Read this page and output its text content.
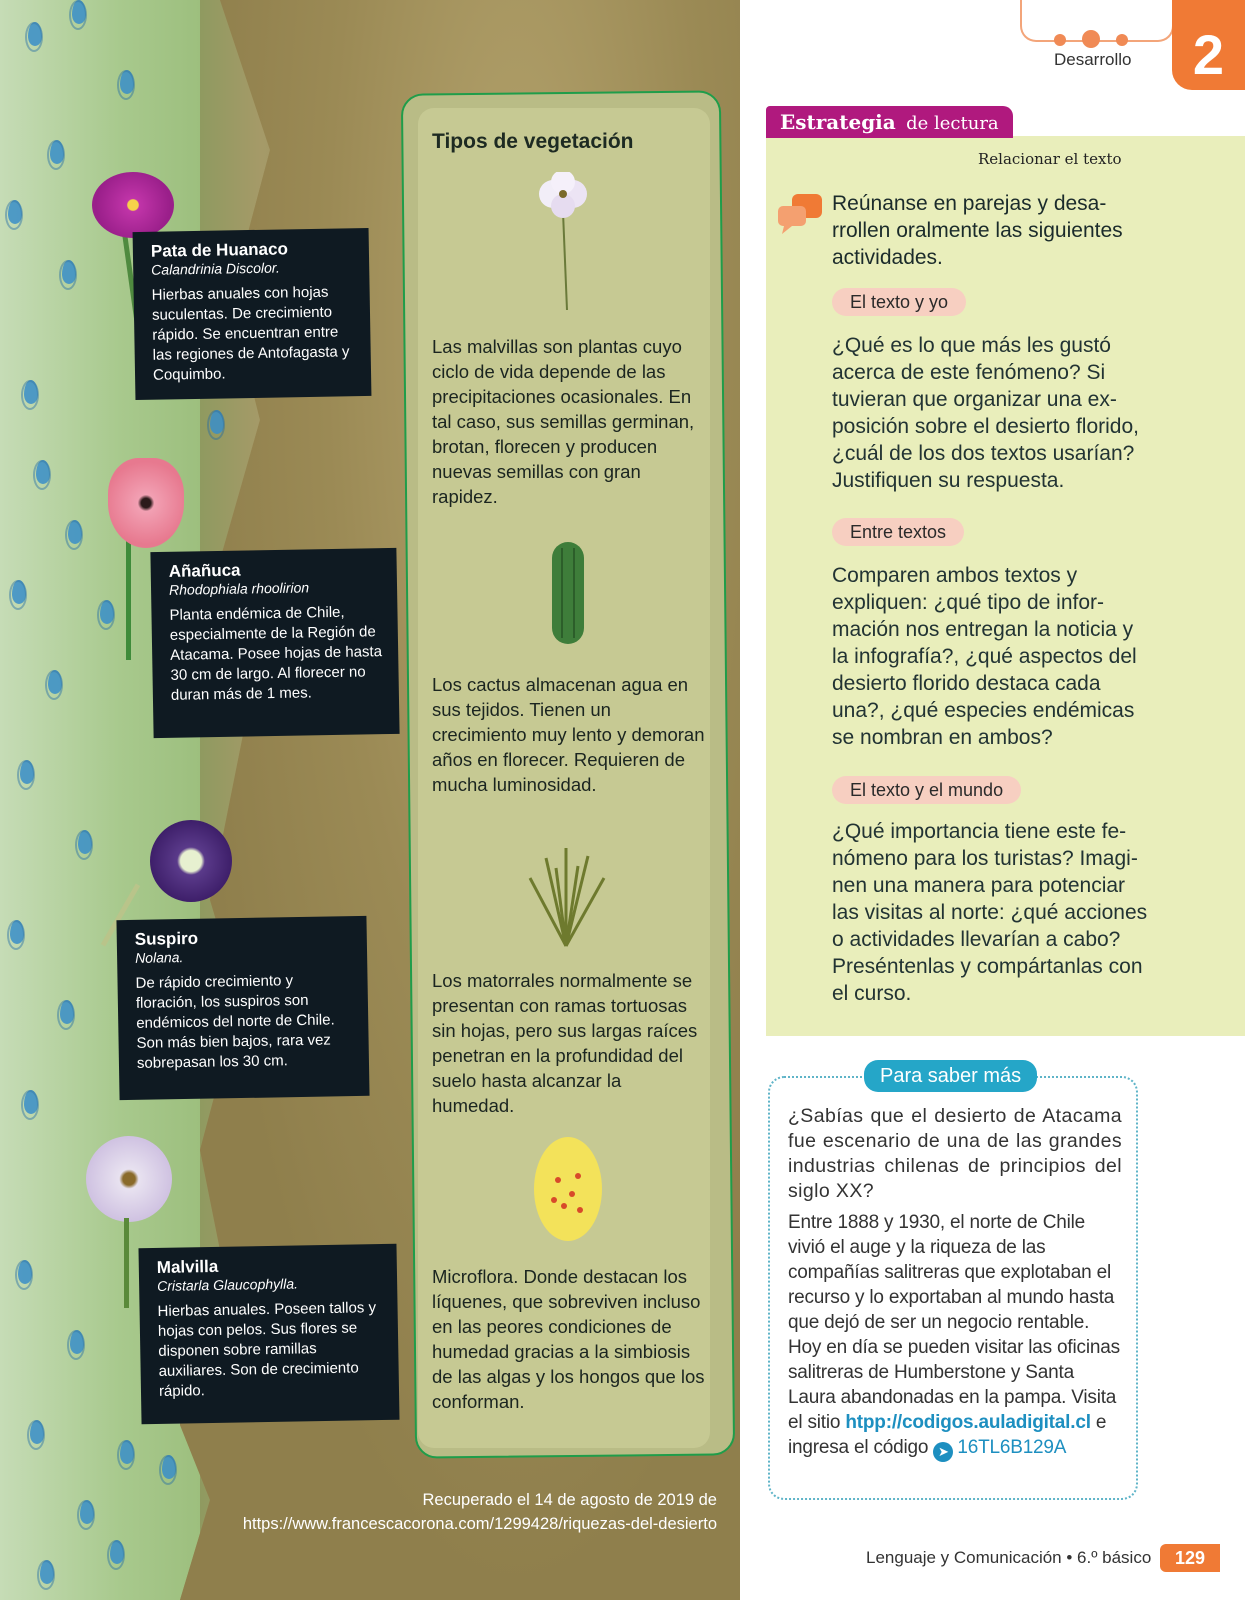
Pata de Huanaco
Calandrinia Discolor.
Hierbas anuales con hojas suculentas. De crecimiento rápido. Se encuentran entre las regiones de Antofagasta y Coquimbo.
Añañuca
Rhodophiala rhoolirion
Planta endémica de Chile, especialmente de la Región de Atacama. Posee hojas de hasta 30 cm de largo. Al florecer no duran más de 1 mes.
Suspiro
Nolana.
De rápido crecimiento y floración, los suspiros son endémicos del norte de Chile. Son más bien bajos, rara vez sobrepasan los 30 cm.
Malvilla
Cristarla Glaucophylla.
Hierbas anuales. Poseen tallos y hojas con pelos. Sus flores se disponen sobre ramillas auxiliares. Son de crecimiento rápido.
Tipos de vegetación
Las malvillas son plantas cuyo ciclo de vida depende de las precipitaciones ocasionales. En tal caso, sus semillas germinan, brotan, florecen y producen nuevas semillas con gran rapidez.
Los cactus almacenan agua en sus tejidos. Tienen un crecimiento muy lento y demoran años en florecer. Requieren de mucha luminosidad.
Los matorrales normalmente se presentan con ramas tortuosas sin hojas, pero sus largas raíces penetran en la profundidad del suelo hasta alcanzar la humedad.
Microflora. Donde destacan los líquenes, que sobreviven incluso en las peores condiciones de humedad gracias a la simbiosis de las algas y los hongos que los conforman.
Recuperado el 14 de agosto de 2019 de
https://www.francescacorona.com/1299428/riquezas-del-desierto
Desarrollo	2
Estrategia de lectura
Relacionar el texto
Reúnanse en parejas y desa-rrollen oralmente las siguientes actividades.
El texto y yo
¿Qué es lo que más les gustó acerca de este fenómeno? Si tuvieran que organizar una ex-posición sobre el desierto florido, ¿cuál de los dos textos usarían? Justifiquen su respuesta.
Entre textos
Comparen ambos textos y expliquen: ¿qué tipo de infor-mación nos entregan la noticia y la infografía?, ¿qué aspectos del desierto florido destaca cada una?, ¿qué especies endémicas se nombran en ambos?
El texto y el mundo
¿Qué importancia tiene este fe-nómeno para los turistas? Imagi-nen una manera para potenciar las visitas al norte: ¿qué acciones o actividades llevarían a cabo? Preséntenlas y compártanlas con el curso.
Para saber más
¿Sabías que el desierto de Atacama fue escenario de una de las grandes industrias chilenas de principios del siglo XX?
Entre 1888 y 1930, el norte de Chile vivió el auge y la riqueza de las compañías salitreras que explotaban el recurso y lo exportaban al mundo hasta que dejó de ser un negocio rentable. Hoy en día se pueden visitar las oficinas salitreras de Humberstone y Santa Laura abandonadas en la pampa. Visita el sitio htpp://codigos.auladigital.cl e ingresa el código ➤ 16TL6B129A
Lenguaje y Comunicación • 6.º básico	129
